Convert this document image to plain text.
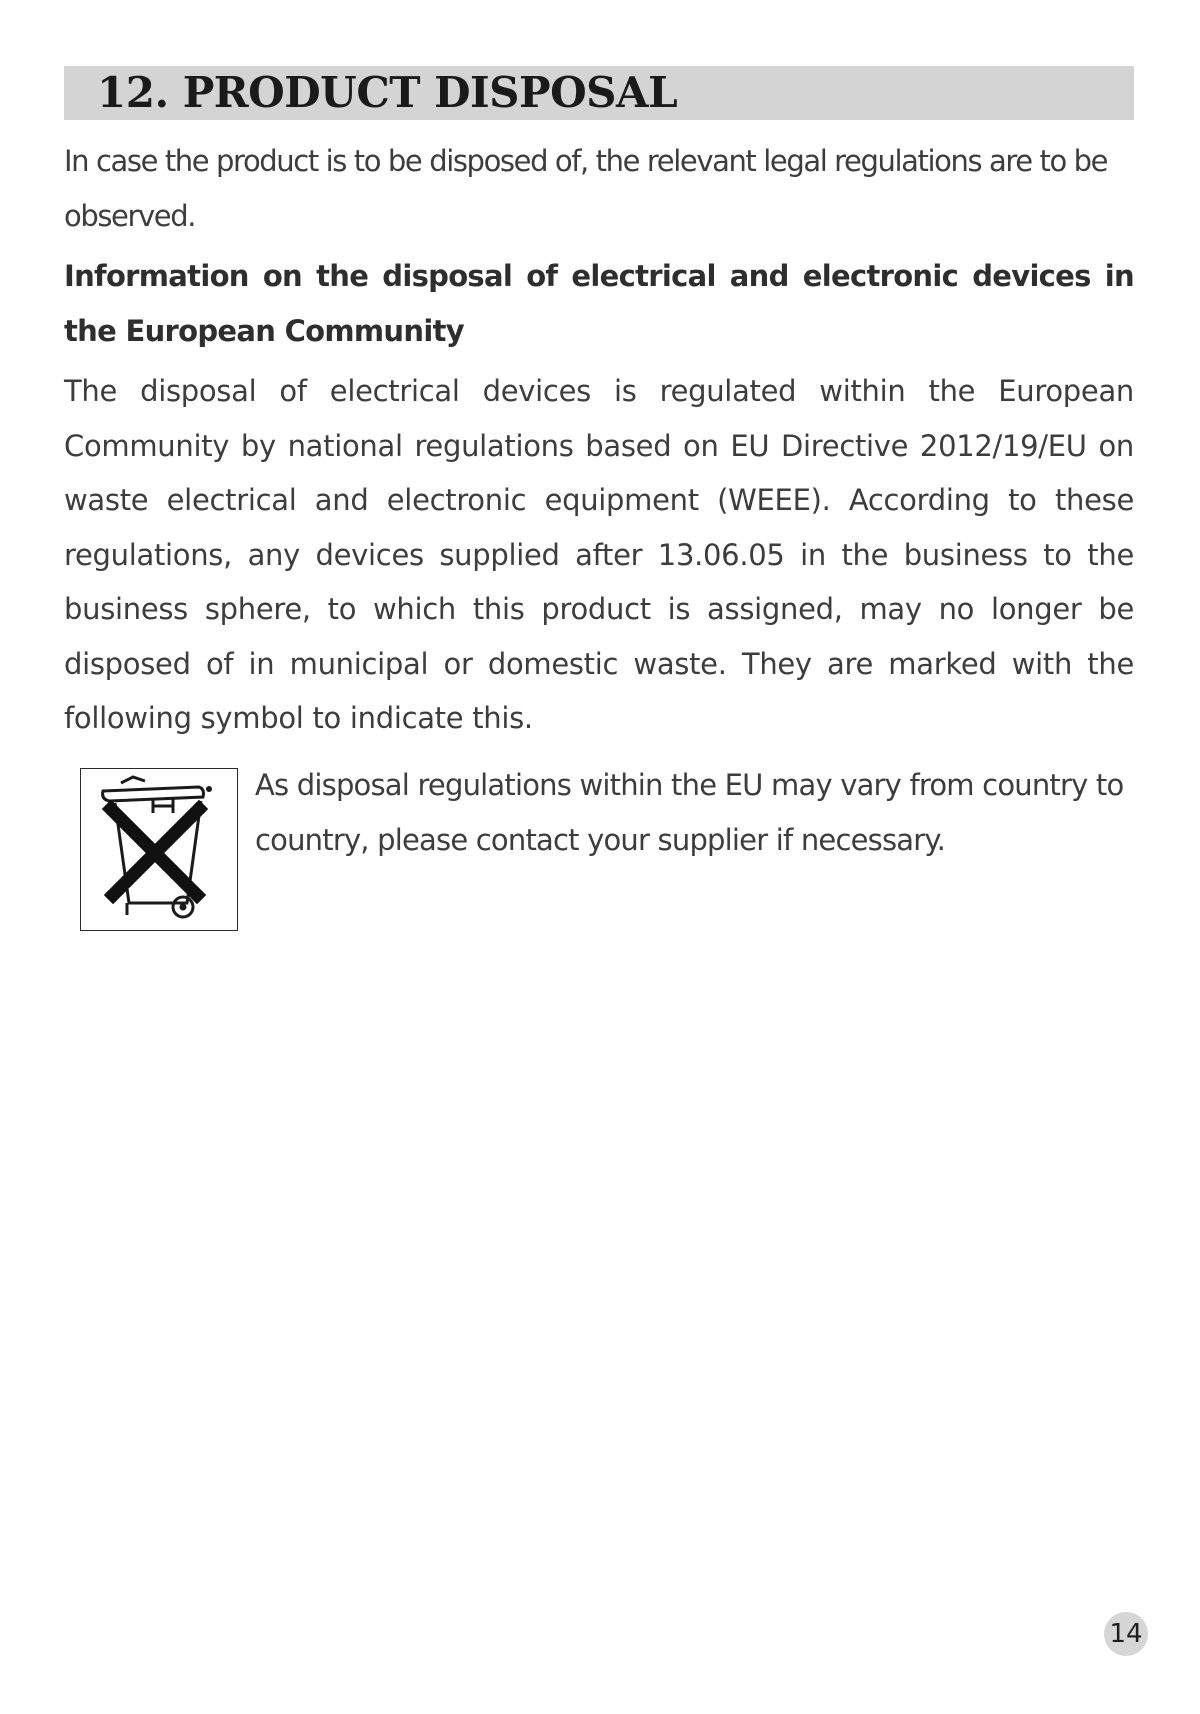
12. PRODUCT DISPOSAL

In case the product is to be disposed of, the relevant legal regulations are to be observed.

Information on the disposal of electrical and electronic devices in the European Community

The disposal of electrical devices is regulated within the European Community by national regulations based on EU Directive 2012/19/EU on waste electrical and electronic equipment (WEEE). According to these regulations, any devices supplied after 13.06.05 in the business to the business sphere, to which this product is assigned, may no longer be disposed of in municipal or domestic waste. They are marked with the following symbol to indicate this.

As disposal regulations within the EU may vary from country to country, please contact your supplier if necessary.

14
